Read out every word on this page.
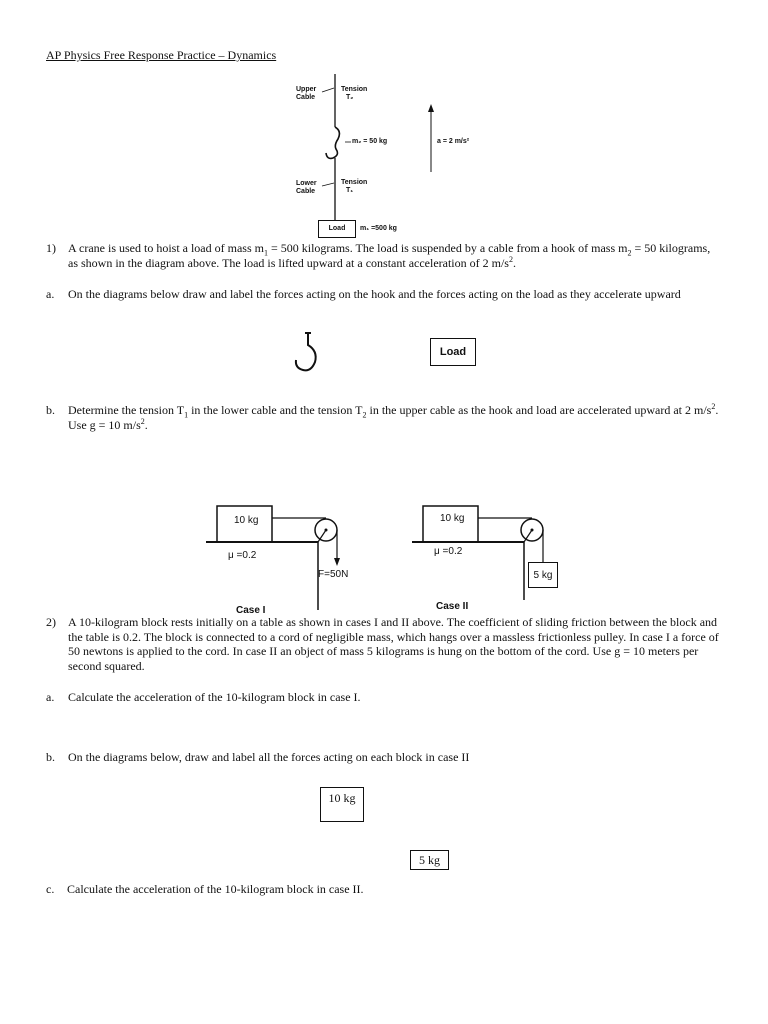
AP Physics Free Response Practice – Dynamics
Upper
Cable
Tension
T₂
m₂ = 50 kg	a = 2 m/s²
Lower
Cable
Tension
T₁
Load m₁ =500 kg
1)	A crane is used to hoist a load of mass $m_1 = 500$ kilograms. The load is suspended by a cable from a hook of mass $m_2 = 50$ kilograms, as shown in the diagram above. The load is lifted upward at a constant acceleration of 2 $m/s^2$.
a. On the diagrams below draw and label the forces acting on the hook and the forces acting on the load as they accelerate upward
Load
b. Determine the tension $T_1$ in the lower cable and the tension $T_2$ in the upper cable as the hook and load are accelerated upward at 2 $m/s^2$. Use g = 10 $m/s^2$.
10 kg
μ =0.2
F=50N
Case I
10 kg
μ =0.2
5 kg
Case II
2)	A 10-kilogram block rests initially on a table as shown in cases I and II above. The coefficient of sliding friction between the block and the table is 0.2. The block is connected to a cord of negligible mass, which hangs over a massless frictionless pulley. In case I a force of 50 newtons is applied to the cord. In case II an object of mass 5 kilograms is hung on the bottom of the cord. Use g = 10 meters per second squared.
a. Calculate the acceleration of the 10-kilogram block in case I.
b. On the diagrams below, draw and label all the forces acting on each block in case II
10 kg
5 kg
c. Calculate the acceleration of the 10-kilogram block in case II.
